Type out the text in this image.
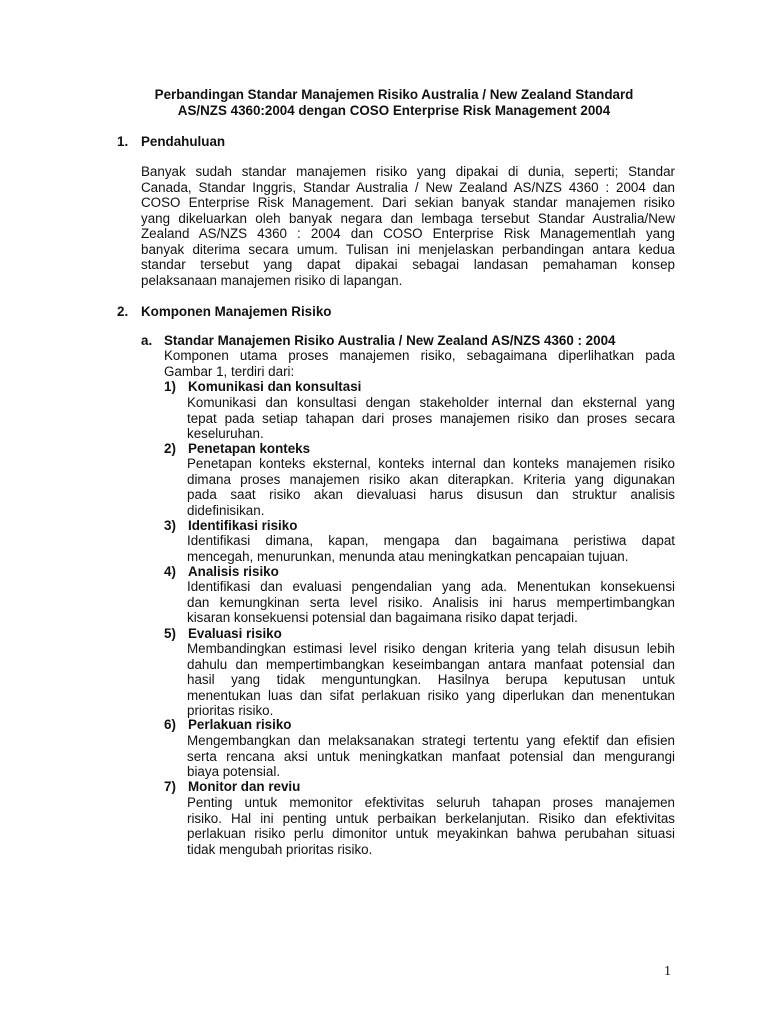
Perbandingan Standar Manajemen Risiko Australia / New Zealand Standard
AS/NZS 4360:2004 dengan COSO Enterprise Risk Management 2004
1. Pendahuluan
Banyak sudah standar manajemen risiko yang dipakai di dunia, seperti; Standar
Canada, Standar Inggris, Standar Australia / New Zealand AS/NZS 4360 : 2004 dan
COSO Enterprise Risk Management. Dari sekian banyak standar manajemen risiko
yang dikeluarkan oleh banyak negara dan lembaga tersebut Standar Australia/New
Zealand AS/NZS 4360 : 2004 dan COSO Enterprise Risk Managementlah yang
banyak diterima secara umum. Tulisan ini menjelaskan perbandingan antara kedua
standar tersebut yang dapat dipakai sebagai landasan pemahaman konsep
pelaksanaan manajemen risiko di lapangan.
2. Komponen Manajemen Risiko
a. Standar Manajemen Risiko Australia / New Zealand AS/NZS 4360 : 2004
Komponen utama proses manajemen risiko, sebagaimana diperlihatkan pada
Gambar 1, terdiri dari:
1) Komunikasi dan konsultasi
Komunikasi dan konsultasi dengan stakeholder internal dan eksternal yang
tepat pada setiap tahapan dari proses manajemen risiko dan proses secara
keseluruhan.
2) Penetapan konteks
Penetapan konteks eksternal, konteks internal dan konteks manajemen risiko
dimana proses manajemen risiko akan diterapkan. Kriteria yang digunakan
pada saat risiko akan dievaluasi harus disusun dan struktur analisis
didefinisikan.
3) Identifikasi risiko
Identifikasi dimana, kapan, mengapa dan bagaimana peristiwa dapat
mencegah, menurunkan, menunda atau meningkatkan pencapaian tujuan.
4) Analisis risiko
Identifikasi dan evaluasi pengendalian yang ada. Menentukan konsekuensi
dan kemungkinan serta level risiko. Analisis ini harus mempertimbangkan
kisaran konsekuensi potensial dan bagaimana risiko dapat terjadi.
5) Evaluasi risiko
Membandingkan estimasi level risiko dengan kriteria yang telah disusun lebih
dahulu dan mempertimbangkan keseimbangan antara manfaat potensial dan
hasil yang tidak menguntungkan. Hasilnya berupa keputusan untuk
menentukan luas dan sifat perlakuan risiko yang diperlukan dan menentukan
prioritas risiko.
6) Perlakuan risiko
Mengembangkan dan melaksanakan strategi tertentu yang efektif dan efisien
serta rencana aksi untuk meningkatkan manfaat potensial dan mengurangi
biaya potensial.
7) Monitor dan reviu
Penting untuk memonitor efektivitas seluruh tahapan proses manajemen
risiko. Hal ini penting untuk perbaikan berkelanjutan. Risiko dan efektivitas
perlakuan risiko perlu dimonitor untuk meyakinkan bahwa perubahan situasi
tidak mengubah prioritas risiko.
1
